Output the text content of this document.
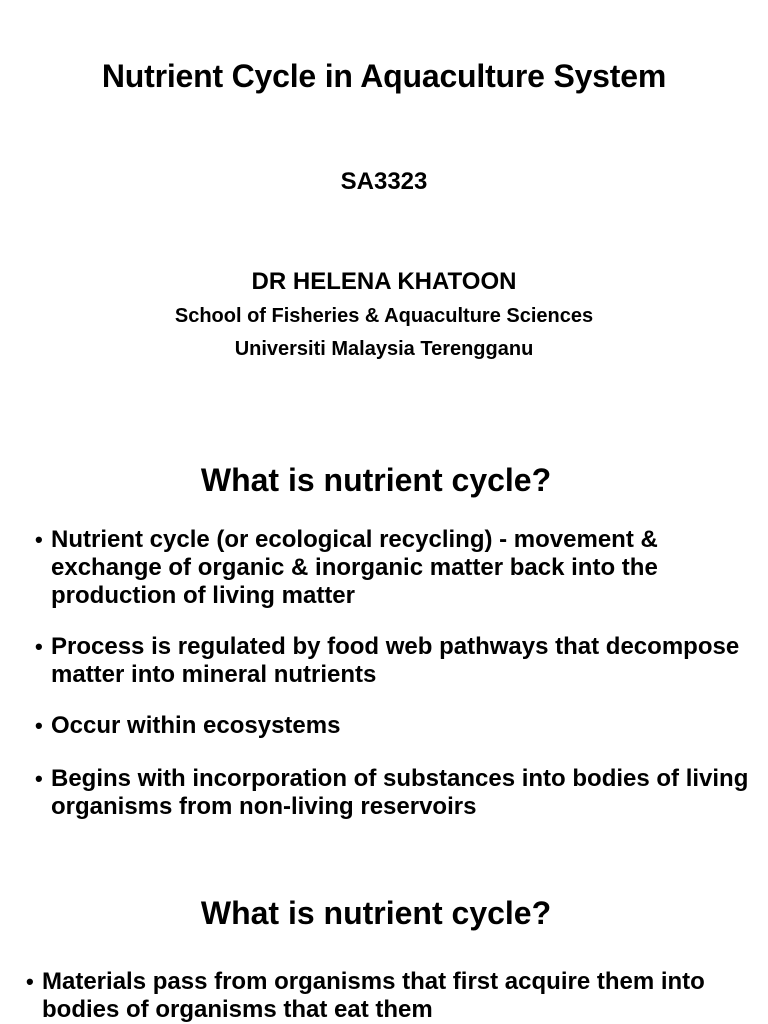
Nutrient Cycle in Aquaculture System
SA3323
DR HELENA KHATOON
School of Fisheries & Aquaculture Sciences
Universiti Malaysia Terengganu
What is nutrient cycle?
• Nutrient cycle (or ecological recycling) - movement & exchange of organic & inorganic matter back into the production of living matter
• Process is regulated by food web pathways that decompose matter into mineral nutrients
• Occur within ecosystems
• Begins with incorporation of substances into bodies of living organisms from non-living reservoirs
What is nutrient cycle?
• Materials pass from organisms that first acquire them into bodies of organisms that eat them
